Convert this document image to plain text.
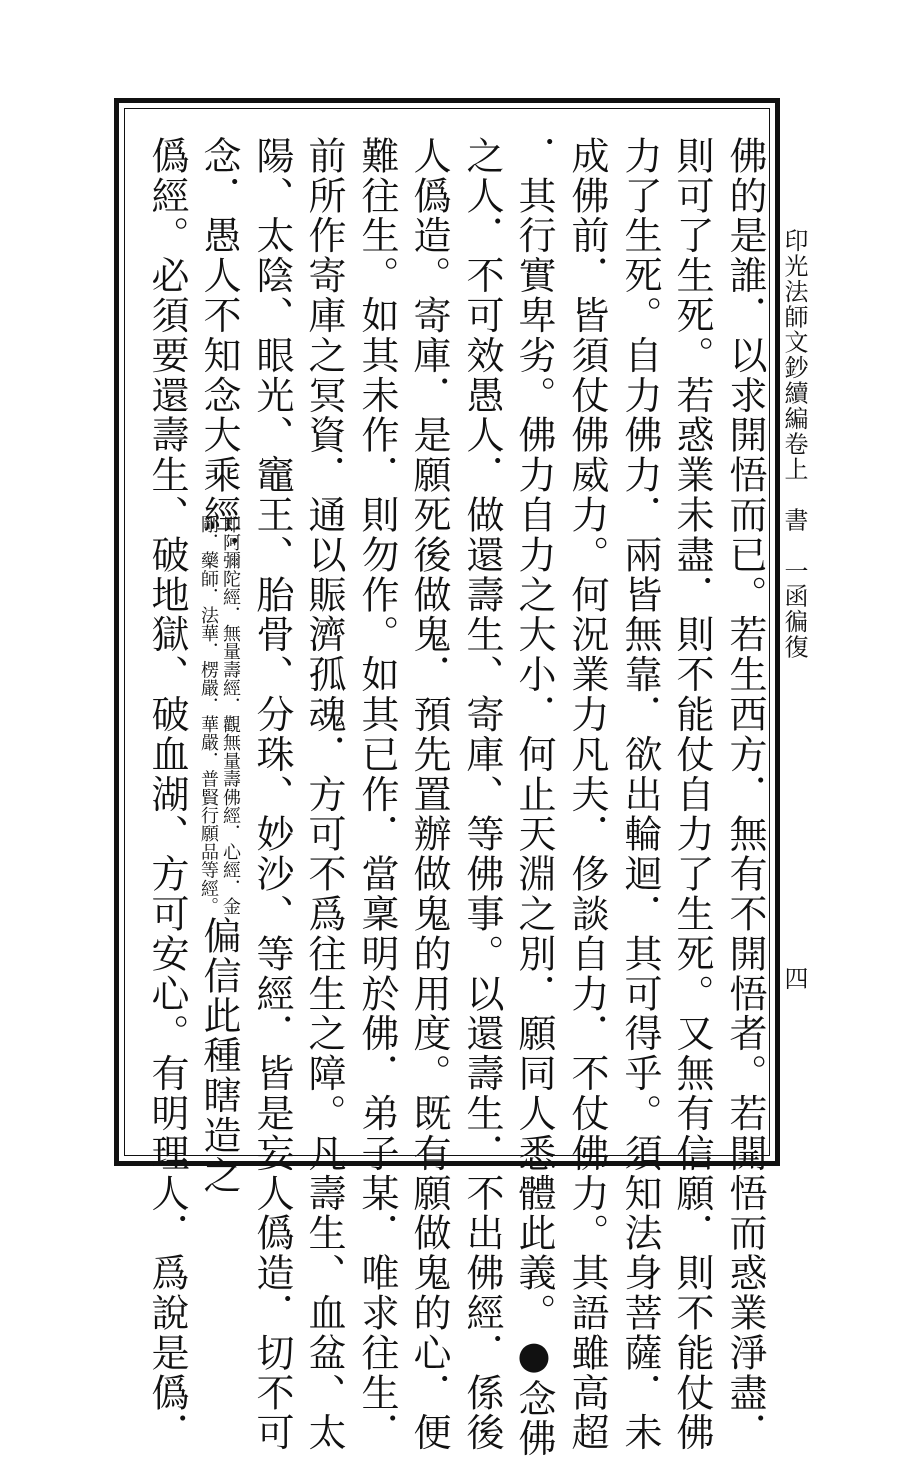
印光法師文鈔續編卷上　書　一函徧復
四
佛的是誰．以求開悟而已。若生西方．無有不開悟者。若開悟而惑業淨盡．
則可了生死。若惑業未盡．則不能仗自力了生死。又無有信願．則不能仗佛
力了生死。自力佛力．兩皆無靠．欲出輪迴．其可得乎。須知法身菩薩．未
成佛前．皆須仗佛威力。何況業力凡夫．侈談自力．不仗佛力。其語雖高超
．其行實卑劣。佛力自力之大小．何止天淵之別．願同人悉體此義。●念佛
之人．不可效愚人．做還壽生、寄庫、等佛事。以還壽生．不出佛經．係後
人僞造。寄庫．是願死後做鬼．預先置辦做鬼的用度。既有願做鬼的心．便
難往生。如其未作．則勿作。如其已作．當稟明於佛．弟子某．唯求往生．
前所作寄庫之冥資．通以賑濟孤魂．方可不爲往生之障。凡壽生、血盆、太
陽、太陰、眼光、竈王、胎骨、分珠、妙沙、等經．皆是妄人僞造．切不可
念．愚人不知念大乘經．
即阿彌陀經．無量壽經．觀無量壽佛經．心經．金
剛．藥師．法華．楞嚴．華嚴．普賢行願品等經。
偏信此種瞎造之
僞經。必須要還壽生、破地獄、破血湖、方可安心。有明理人．爲說是僞．
